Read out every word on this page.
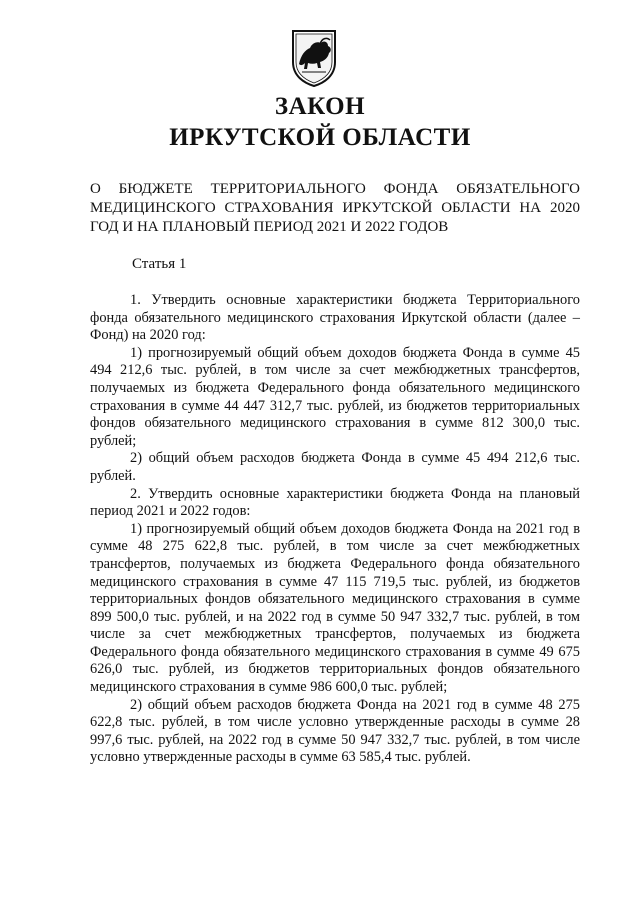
ЗАКОН
ИРКУТСКОЙ ОБЛАСТИ
О БЮДЖЕТЕ ТЕРРИТОРИАЛЬНОГО ФОНДА ОБЯЗАТЕЛЬНОГО МЕДИЦИНСКОГО СТРАХОВАНИЯ ИРКУТСКОЙ ОБЛАСТИ НА 2020 ГОД И НА ПЛАНОВЫЙ ПЕРИОД 2021 И 2022 ГОДОВ
Статья 1

1. Утвердить основные характеристики бюджета Территориального фонда обязательного медицинского страхования Иркутской области (далее – Фонд) на 2020 год:

1) прогнозируемый общий объем доходов бюджета Фонда в сумме 45 494 212,6 тыс. рублей, в том числе за счет межбюджетных трансфертов, получаемых из бюджета Федерального фонда обязательного медицинского страхования в сумме 44 447 312,7 тыс. рублей, из бюджетов территориальных фондов обязательного медицинского страхования в сумме 812 300,0 тыс. рублей;

2) общий объем расходов бюджета Фонда в сумме 45 494 212,6 тыс. рублей.

2. Утвердить основные характеристики бюджета Фонда на плановый период 2021 и 2022 годов:

1) прогнозируемый общий объем доходов бюджета Фонда на 2021 год в сумме 48 275 622,8 тыс. рублей, в том числе за счет межбюджетных трансфертов, получаемых из бюджета Федерального фонда обязательного медицинского страхования в сумме 47 115 719,5 тыс. рублей, из бюджетов территориальных фондов обязательного медицинского страхования в сумме 899 500,0 тыс. рублей, и на 2022 год в сумме 50 947 332,7 тыс. рублей, в том числе за счет межбюджетных трансфертов, получаемых из бюджета Федерального фонда обязательного медицинского страхования в сумме 49 675 626,0 тыс. рублей, из бюджетов территориальных фондов обязательного медицинского страхования в сумме 986 600,0 тыс. рублей;

2) общий объем расходов бюджета Фонда на 2021 год в сумме 48 275 622,8 тыс. рублей, в том числе условно утвержденные расходы в сумме 28 997,6 тыс. рублей, на 2022 год в сумме 50 947 332,7 тыс. рублей, в том числе условно утвержденные расходы в сумме 63 585,4 тыс. рублей.
